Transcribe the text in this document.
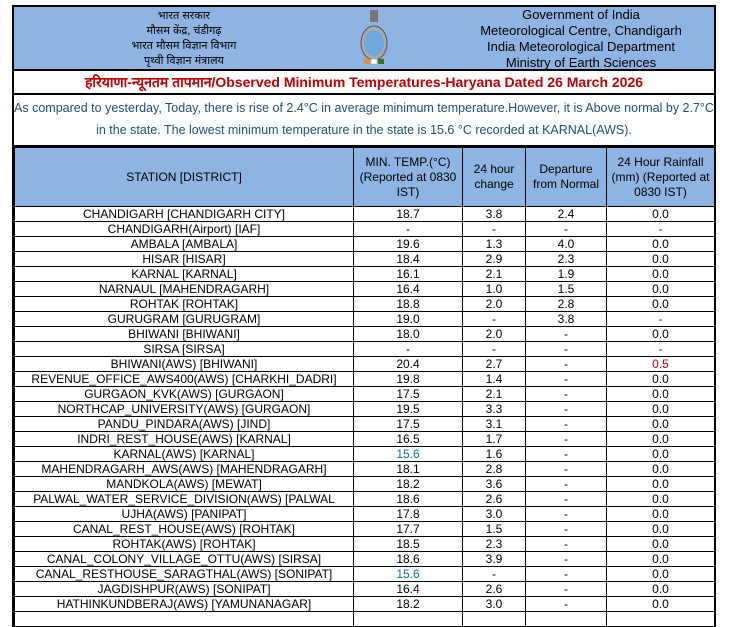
भारत सरकार
मौसम केंद्र, चंडीगढ़
भारत मौसम विज्ञान विभाग
पृथ्वी विज्ञान मंत्रालय
Government of India
Meteorological Centre, Chandigarh
India Meteorological Department
Ministry of Earth Sciences
हरियाणा-न्यूनतम तापमान/Observed Minimum Temperatures-Haryana Dated 26 March 2026
As compared to yesterday, Today, there is rise of 2.4°C in average minimum temperature.However, it is Above normal by 2.7°C in the state. The lowest minimum temperature in the state is 15.6 °C recorded at KARNAL(AWS).
STATION [DISTRICT]	MIN. TEMP.(°C) (Reported at 0830 IST)	24 hour change	Departure from Normal	24 Hour Rainfall (mm) (Reported at 0830 IST)
CHANDIGARH [CHANDIGARH CITY]	18.7	3.8	2.4	0.0
CHANDIGARH(Airport) [IAF]	-	-	-	-
AMBALA [AMBALA]	19.6	1.3	4.0	0.0
HISAR [HISAR]	18.4	2.9	2.3	0.0
KARNAL [KARNAL]	16.1	2.1	1.9	0.0
NARNAUL [MAHENDRAGARH]	16.4	1.0	1.5	0.0
ROHTAK [ROHTAK]	18.8	2.0	2.8	0.0
GURUGRAM [GURUGRAM]	19.0	-	3.8	-
BHIWANI [BHIWANI]	18.0	2.0	-	0.0
SIRSA [SIRSA]	-	-	-	-
BHIWANI(AWS) [BHIWANI]	20.4	2.7	-	0.5
REVENUE_OFFICE_AWS400(AWS) [CHARKHI_DADRI]	19.8	1.4	-	0.0
GURGAON_KVK(AWS) [GURGAON]	17.5	2.1	-	0.0
NORTHCAP_UNIVERSITY(AWS) [GURGAON]	19.5	3.3	-	0.0
PANDU_PINDARA(AWS) [JIND]	17.5	3.1	-	0.0
INDRI_REST_HOUSE(AWS) [KARNAL]	16.5	1.7	-	0.0
KARNAL(AWS) [KARNAL]	15.6	1.6	-	0.0
MAHENDRAGARH_AWS(AWS) [MAHENDRAGARH]	18.1	2.8	-	0.0
MANDKOLA(AWS) [MEWAT]	18.2	3.6	-	0.0
PALWAL_WATER_SERVICE_DIVISION(AWS) [PALWAL	18.6	2.6	-	0.0
UJHA(AWS) [PANIPAT]	17.8	3.0	-	0.0
CANAL_REST_HOUSE(AWS) [ROHTAK]	17.7	1.5	-	0.0
ROHTAK(AWS) [ROHTAK]	18.5	2.3	-	0.0
CANAL_COLONY_VILLAGE_OTTU(AWS) [SIRSA]	18.6	3.9	-	0.0
CANAL_RESTHOUSE_SARAGTHAL(AWS) [SONIPAT]	15.6	-	-	0.0
JAGDISHPUR(AWS) [SONIPAT]	16.4	2.6	-	0.0
HATHINKUNDBERAJ(AWS) [YAMUNANAGAR]	18.2	3.0	-	0.0
